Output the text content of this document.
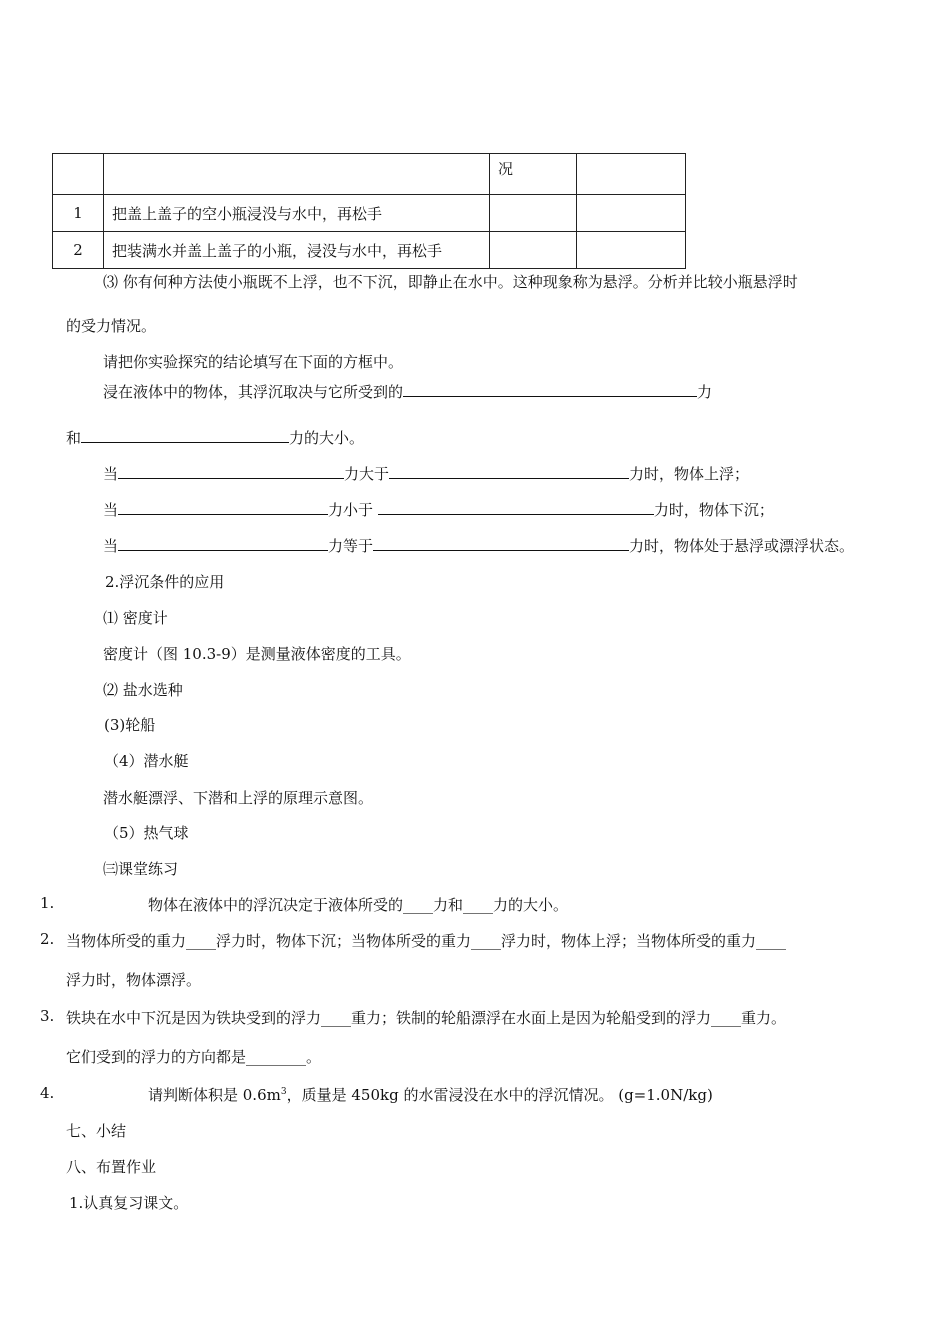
		况	
1	把盖上盖子的空小瓶浸没与水中，再松手		
2	把装满水并盖上盖子的小瓶，浸没与水中，再松手		
⑶ 你有何种方法使小瓶既不上浮，也不下沉，即静止在水中。这种现象称为悬浮。分析并比较小瓶悬浮时
的受力情况。
请把你实验探究的结论填写在下面的方框中。
浸在液体中的物体，其浮沉取决与它所受到的	力
和	力的大小。
当	力大于	力时，物体上浮；
当	力小于	力时，物体下沉；
当	力等于	力时，物体处于悬浮或漂浮状态。
2.浮沉条件的应用
⑴ 密度计
密度计（图 10.3-9）是测量液体密度的工具。
⑵ 盐水选种
(3)轮船
（4）潜水艇
潜水艇漂浮、下潜和上浮的原理示意图。
（5）热气球
㈢课堂练习
1.	物体在液体中的浮沉决定于液体所受的____力和____力的大小。
2. 当物体所受的重力____浮力时，物体下沉；当物体所受的重力____浮力时，物体上浮；当物体所受的重力____
浮力时，物体漂浮。
3. 铁块在水中下沉是因为铁块受到的浮力____重力；铁制的轮船漂浮在水面上是因为轮船受到的浮力____重力。
它们受到的浮力的方向都是________。
4.	请判断体积是 $0.6m^3$，质量是 450kg 的水雷浸没在水中的浮沉情况。 (g=1.0N/kg)
七、小结
八、布置作业
1.认真复习课文。
